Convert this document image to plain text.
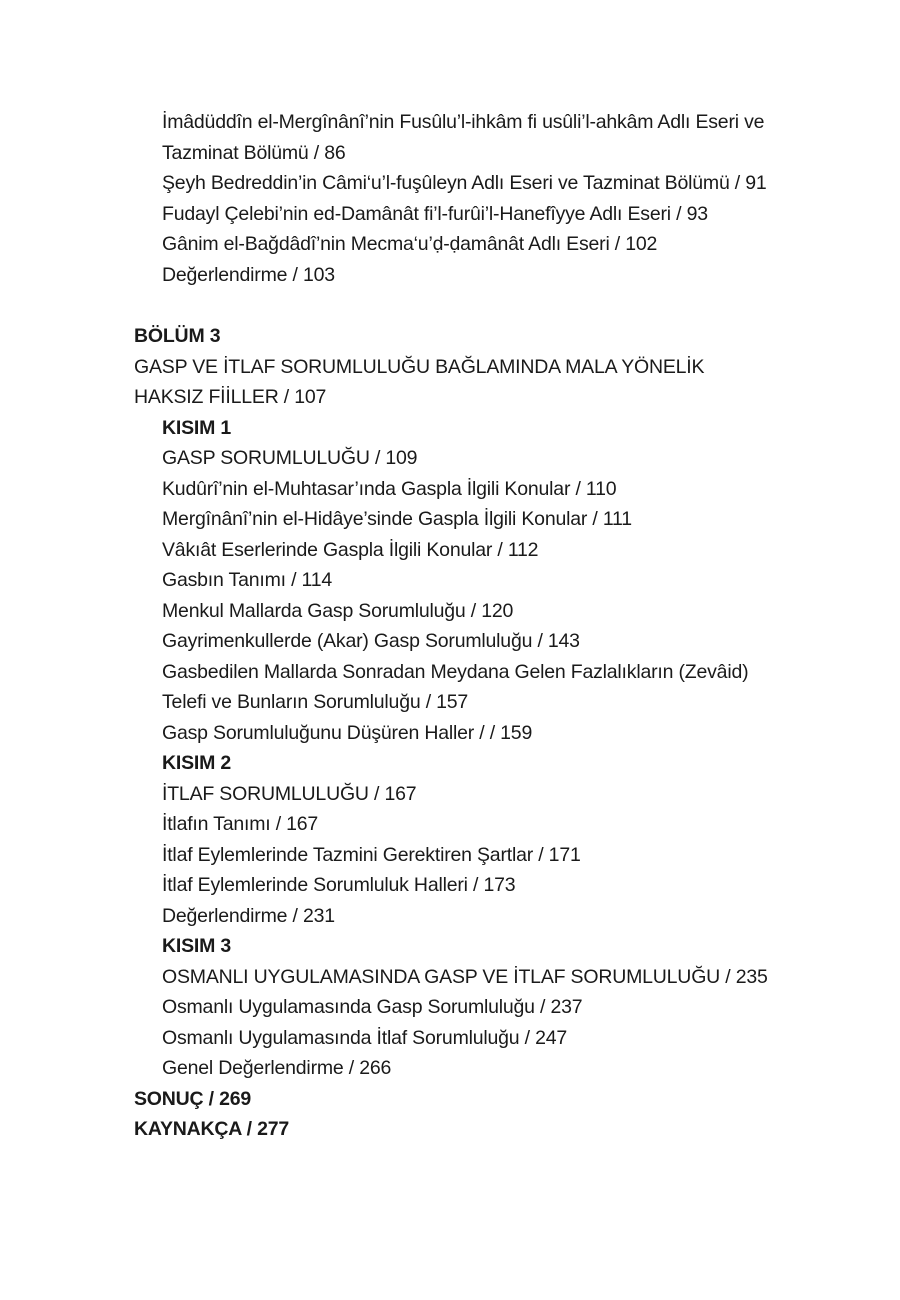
İmâdüddîn el-Mergînânî’nin Fusûlu’l-ihkâm fi usûli’l-ahkâm Adlı Eseri ve
Tazminat Bölümü / 86
Şeyh Bedreddin’in Câmi‘u’l-fuşûleyn Adlı Eseri ve Tazminat Bölümü / 91
Fudayl Çelebi’nin ed-Damânât fi’l-furûi’l-Hanefîyye Adlı Eseri / 93
Gânim el-Bağdâdî’nin Mecma‘u’ḍ-ḍamânât Adlı Eseri / 102
Değerlendirme / 103
BÖLÜM 3
GASP VE İTLAF SORUMLULUĞU BAĞLAMINDA MALA YÖNELİK
HAKSIZ FİİLLER / 107
KISIM 1
GASP SORUMLULUĞU / 109
Kudûrî’nin el-Muhtasar’ında Gaspla İlgili Konular / 110
Mergînânî’nin el-Hidâye’sinde Gaspla İlgili Konular / 111
Vâkıât Eserlerinde Gaspla İlgili Konular / 112
Gasbın Tanımı / 114
Menkul Mallarda Gasp Sorumluluğu / 120
Gayrimenkullerde (Akar) Gasp Sorumluluğu / 143
Gasbedilen Mallarda Sonradan Meydana Gelen Fazlalıkların (Zevâid)
Telefi ve Bunların Sorumluluğu / 157
Gasp Sorumluluğunu Düşüren Haller / / 159
KISIM 2
İTLAF SORUMLULUĞU / 167
İtlafın Tanımı / 167
İtlaf Eylemlerinde Tazmini Gerektiren Şartlar / 171
İtlaf Eylemlerinde Sorumluluk Halleri / 173
Değerlendirme / 231
KISIM 3
OSMANLI UYGULAMASINDA GASP VE İTLAF SORUMLULUĞU / 235
Osmanlı Uygulamasında Gasp Sorumluluğu / 237
Osmanlı Uygulamasında İtlaf Sorumluluğu / 247
Genel Değerlendirme / 266
SONUÇ / 269
KAYNAKÇA / 277
